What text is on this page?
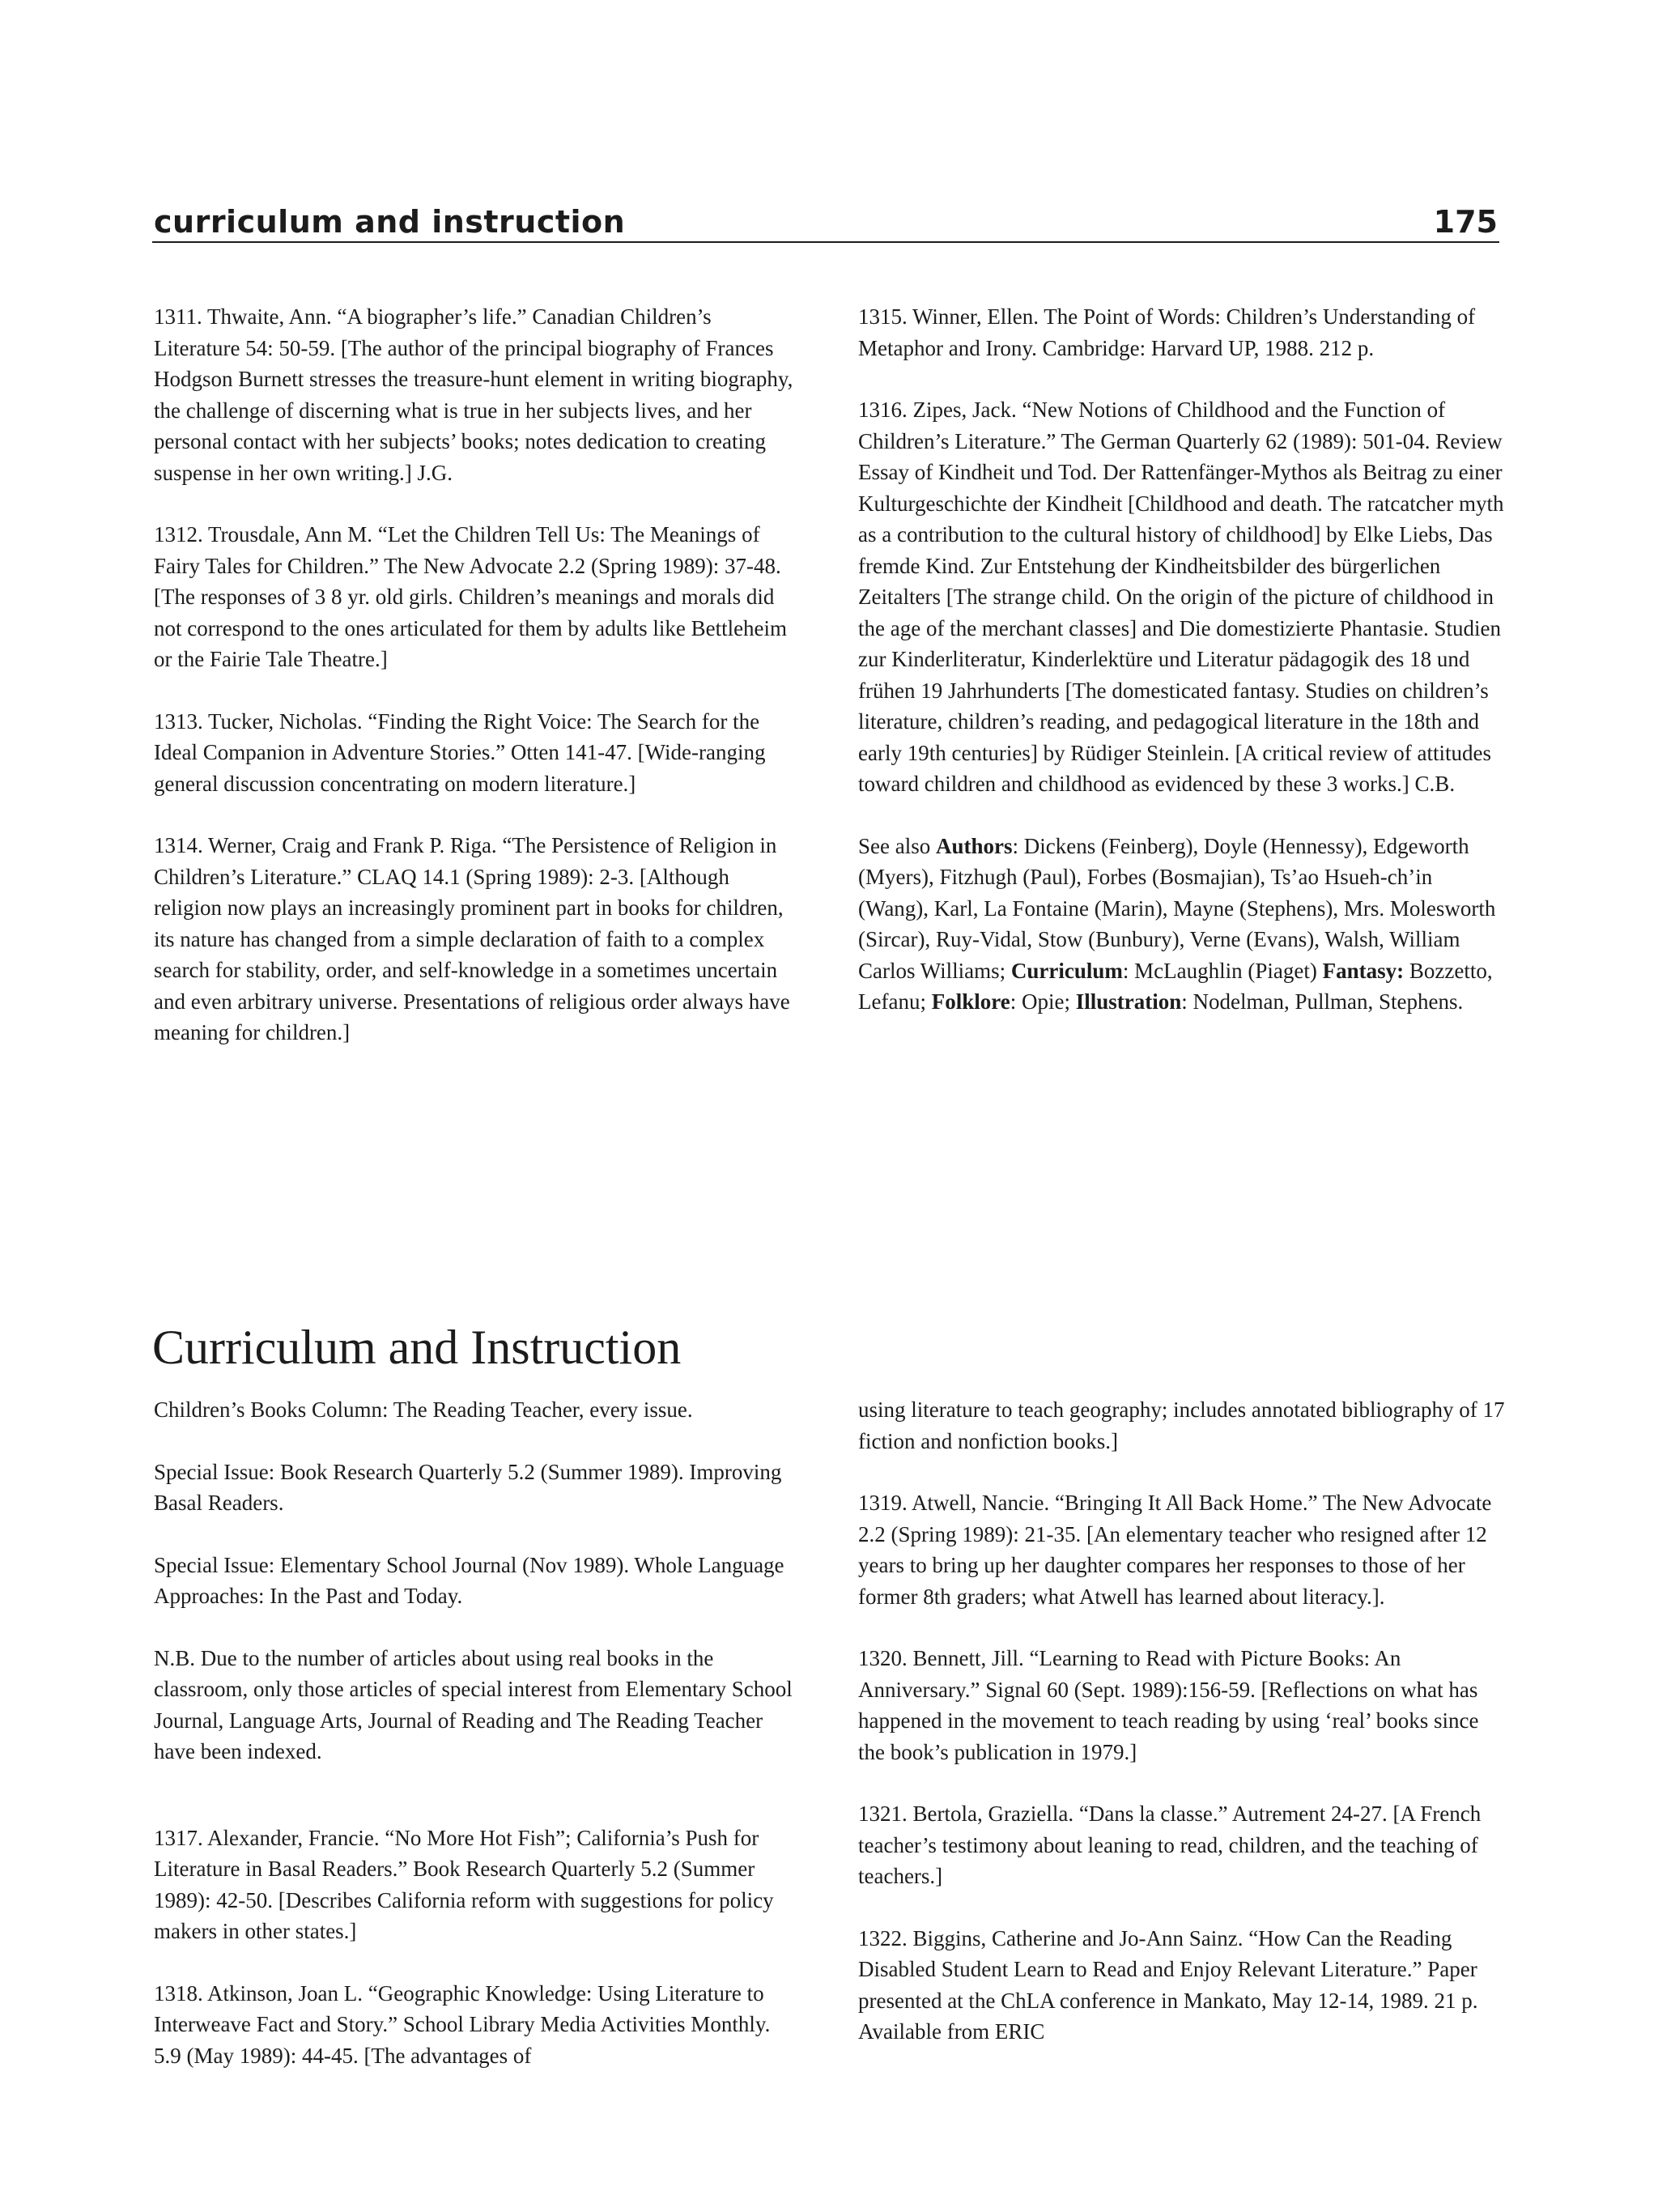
curriculum and instruction	175

1311. Thwaite, Ann. “A biographer’s life.” Canadian Children’s Literature 54: 50-59. [The author of the principal biography of Frances Hodgson Burnett stresses the treasure-hunt element in writing biography, the challenge of discerning what is true in her subjects lives, and her personal contact with her subjects’ books; notes dedication to creating suspense in her own writing.] J.G.

1312. Trousdale, Ann M. “Let the Children Tell Us: The Meanings of Fairy Tales for Children.” The New Advocate 2.2 (Spring 1989): 37-48. [The responses of 3 8 yr. old girls. Children’s meanings and morals did not correspond to the ones articulated for them by adults like Bettleheim or the Fairie Tale Theatre.]

1313. Tucker, Nicholas. “Finding the Right Voice: The Search for the Ideal Companion in Adventure Stories.” Otten 141-47. [Wide-ranging general discussion concentrating on modern literature.]

1314. Werner, Craig and Frank P. Riga. “The Persistence of Religion in Children’s Literature.” CLAQ 14.1 (Spring 1989): 2-3. [Although religion now plays an increasingly prominent part in books for children, its nature has changed from a simple declaration of faith to a complex search for stability, order, and self-knowledge in a sometimes uncertain and even arbitrary universe. Presentations of religious order always have meaning for children.]

1315. Winner, Ellen. The Point of Words: Children’s Understanding of Metaphor and Irony. Cambridge: Harvard UP, 1988. 212 p.

1316. Zipes, Jack. “New Notions of Childhood and the Function of Children’s Literature.” The German Quarterly 62 (1989): 501-04. Review Essay of Kindheit und Tod. Der Rattenfänger-Mythos als Beitrag zu einer Kulturgeschichte der Kindheit [Childhood and death. The ratcatcher myth as a contribution to the cultural history of childhood] by Elke Liebs, Das fremde Kind. Zur Entstehung der Kindheitsbilder des bürgerlichen Zeitalters [The strange child. On the origin of the picture of childhood in the age of the merchant classes] and Die domestizierte Phantasie. Studien zur Kinderliteratur, Kinderlektüre und Literatur pädagogik des 18 und frühen 19 Jahrhunderts [The domesticated fantasy. Studies on children’s literature, children’s reading, and pedagogical literature in the 18th and early 19th centuries] by Rüdiger Steinlein. [A critical review of attitudes toward children and childhood as evidenced by these 3 works.] C.B.

See also Authors: Dickens (Feinberg), Doyle (Hennessy), Edgeworth (Myers), Fitzhugh (Paul), Forbes (Bosmajian), Ts’ao Hsueh-ch’in (Wang), Karl, La Fontaine (Marin), Mayne (Stephens), Mrs. Molesworth (Sircar), Ruy-Vidal, Stow (Bunbury), Verne (Evans), Walsh, William Carlos Williams; Curriculum: McLaughlin (Piaget) Fantasy: Bozzetto, Lefanu; Folklore: Opie; Illustration: Nodelman, Pullman, Stephens.

Curriculum and Instruction

Children’s Books Column: The Reading Teacher, every issue.

Special Issue: Book Research Quarterly 5.2 (Summer 1989). Improving Basal Readers.

Special Issue: Elementary School Journal (Nov 1989). Whole Language Approaches: In the Past and Today.

N.B. Due to the number of articles about using real books in the classroom, only those articles of special interest from Elementary School Journal, Language Arts, Journal of Reading and The Reading Teacher have been indexed.

1317. Alexander, Francie. “No More Hot Fish”; California’s Push for Literature in Basal Readers.” Book Research Quarterly 5.2 (Summer 1989): 42-50. [Describes California reform with suggestions for policy makers in other states.]

1318. Atkinson, Joan L. “Geographic Knowledge: Using Literature to Interweave Fact and Story.” School Library Media Activities Monthly. 5.9 (May 1989): 44-45. [The advantages of

using literature to teach geography; includes annotated bibliography of 17 fiction and nonfiction books.]

1319. Atwell, Nancie. “Bringing It All Back Home.” The New Advocate 2.2 (Spring 1989): 21-35. [An elementary teacher who resigned after 12 years to bring up her daughter compares her responses to those of her former 8th graders; what Atwell has learned about literacy.].

1320. Bennett, Jill. “Learning to Read with Picture Books: An Anniversary.” Signal 60 (Sept. 1989):156-59. [Reflections on what has happened in the movement to teach reading by using ‘real’ books since the book’s publication in 1979.]

1321. Bertola, Graziella. “Dans la classe.” Autrement 24-27. [A French teacher’s testimony about leaning to read, children, and the teaching of teachers.]

1322. Biggins, Catherine and Jo-Ann Sainz. “How Can the Reading Disabled Student Learn to Read and Enjoy Relevant Literature.” Paper presented at the ChLA conference in Mankato, May 12-14, 1989. 21 p. Available from ERIC
